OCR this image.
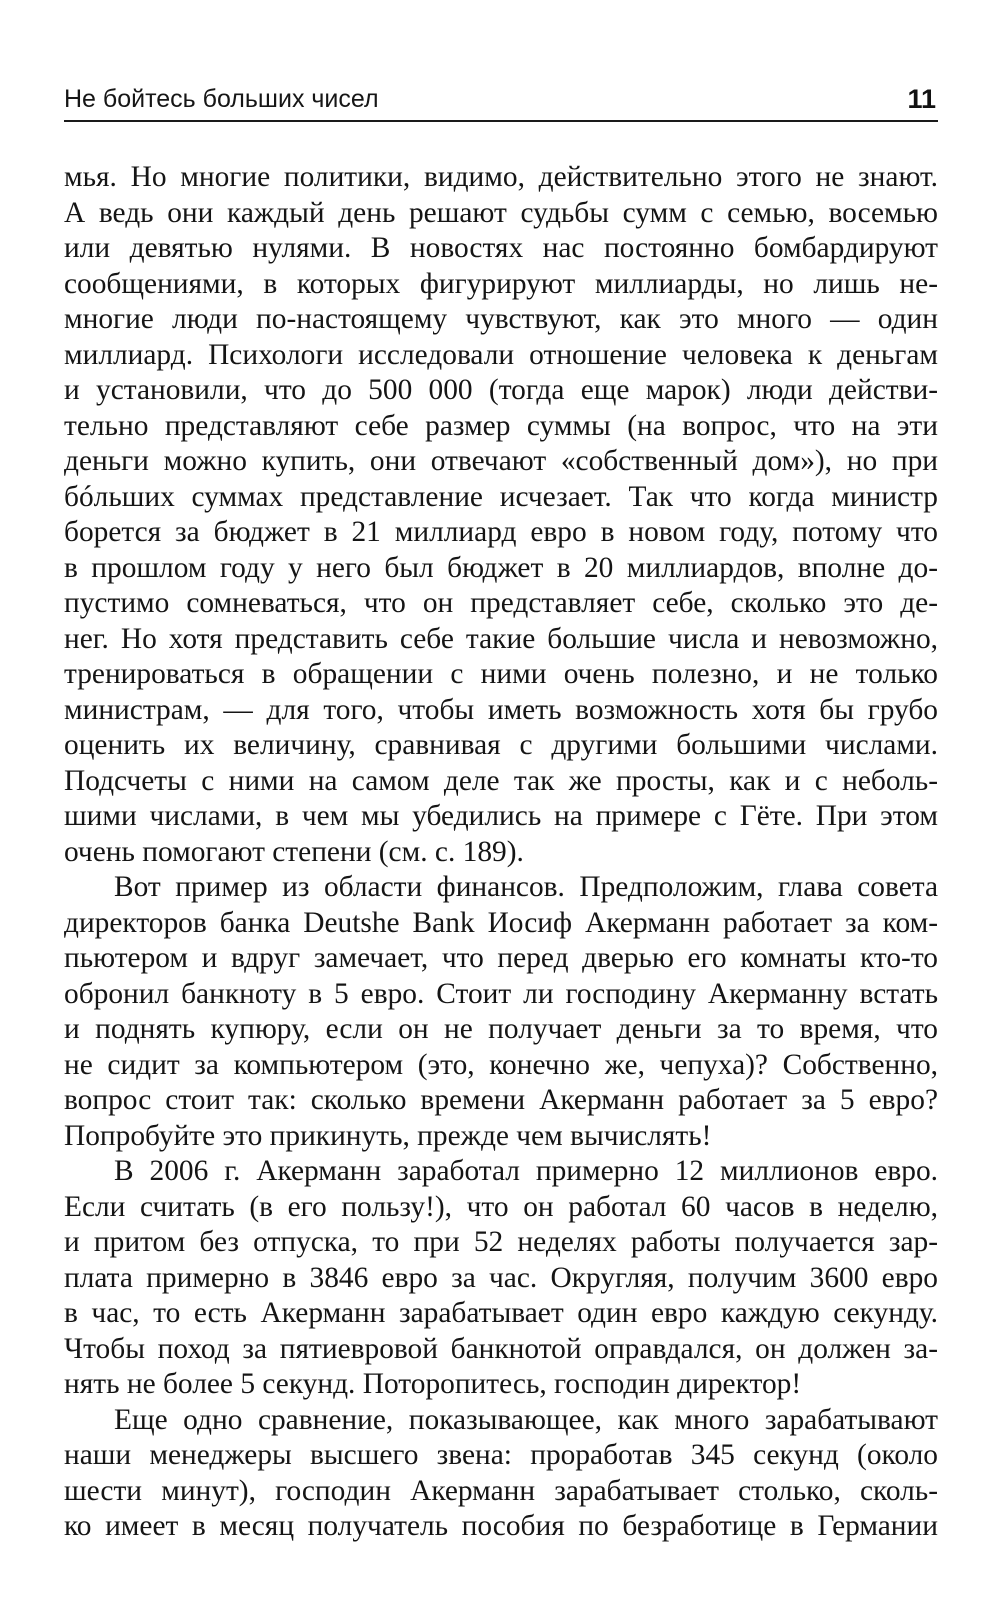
Не бойтесь больших чисел	11
мья. Но многие политики, видимо, действительно этого не знают.
А ведь они каждый день решают судьбы сумм с семью, восемью
или девятью нулями. В новостях нас постоянно бомбардируют
сообщениями, в которых фигурируют миллиарды, но лишь не-
многие люди по-настоящему чувствуют, как это много — один
миллиард. Психологи исследовали отношение человека к деньгам
и установили, что до 500 000 (тогда еще марок) люди действи-
тельно представляют себе размер суммы (на вопрос, что на эти
деньги можно купить, они отвечают «собственный дом»), но при
бóльших суммах представление исчезает. Так что когда министр
борется за бюджет в 21 миллиард евро в новом году, потому что
в прошлом году у него был бюджет в 20 миллиардов, вполне до-
пустимо сомневаться, что он представляет себе, сколько это де-
нег. Но хотя представить себе такие большие числа и невозможно,
тренироваться в обращении с ними очень полезно, и не только
министрам, — для того, чтобы иметь возможность хотя бы грубо
оценить их величину, сравнивая с другими большими числами.
Подсчеты с ними на самом деле так же просты, как и с неболь-
шими числами, в чем мы убедились на примере с Гёте. При этом
очень помогают степени (см. с. 189).
Вот пример из области финансов. Предположим, глава совета
директоров банка Deutshe Bank Иосиф Акерманн работает за ком-
пьютером и вдруг замечает, что перед дверью его комнаты кто-то
обронил банкноту в 5 евро. Стоит ли господину Акерманну встать
и поднять купюру, если он не получает деньги за то время, что
не сидит за компьютером (это, конечно же, чепуха)? Собственно,
вопрос стоит так: сколько времени Акерманн работает за 5 евро?
Попробуйте это прикинуть, прежде чем вычислять!
В 2006 г. Акерманн заработал примерно 12 миллионов евро.
Если считать (в его пользу!), что он работал 60 часов в неделю,
и притом без отпуска, то при 52 неделях работы получается зар-
плата примерно в 3846 евро за час. Округляя, получим 3600 евро
в час, то есть Акерманн зарабатывает один евро каждую секунду.
Чтобы поход за пятиевровой банкнотой оправдался, он должен за-
нять не более 5 секунд. Поторопитесь, господин директор!
Еще одно сравнение, показывающее, как много зарабатывают
наши менеджеры высшего звена: проработав 345 секунд (около
шести минут), господин Акерманн зарабатывает столько, сколь-
ко имеет в месяц получатель пособия по безработице в Германии
